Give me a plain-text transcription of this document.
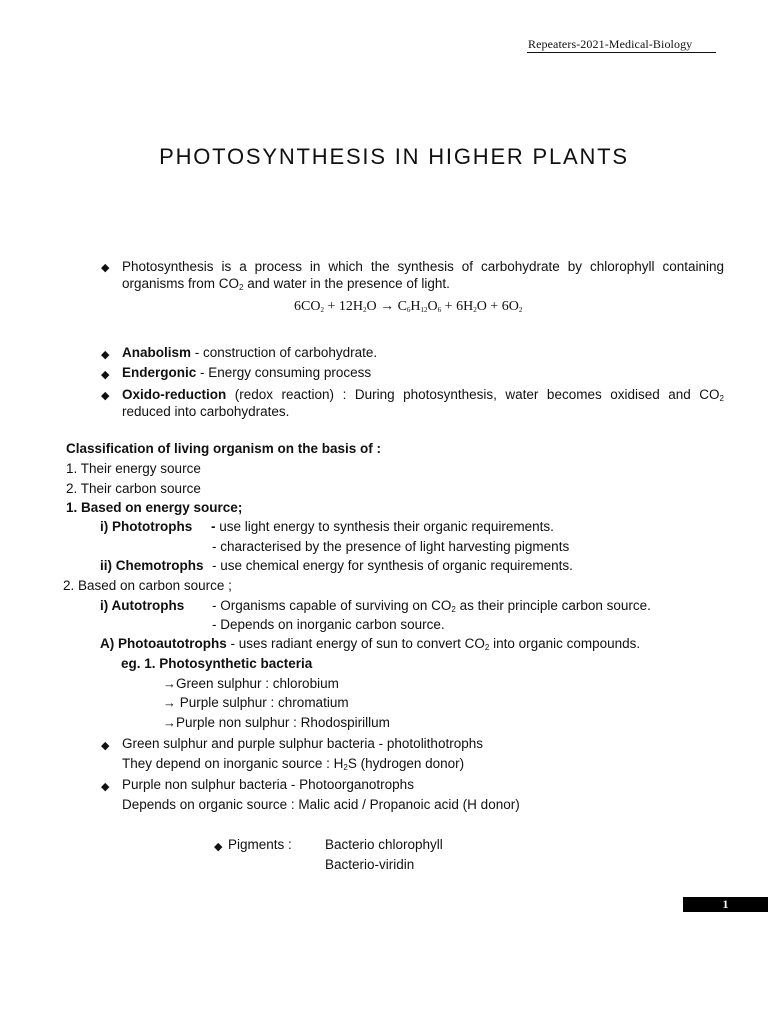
Repeaters-2021-Medical-Biology
PHOTOSYNTHESIS IN HIGHER PLANTS
◆ Photosynthesis is a process in which the synthesis of carbohydrate by chlorophyll containing organisms from $CO_2$ and water in the presence of light.
$6CO_2 + 12H_2O \to C_6H_{12}O_6 + 6H_2O + 6O_2$
◆ Anabolism - construction of carbohydrate.
◆ Endergonic - Energy consuming process
◆ Oxido-reduction (redox reaction) : During photosynthesis, water becomes oxidised and $CO_2$ reduced into carbohydrates.
Classification of living organism on the basis of :
1. Their energy source
2. Their carbon source
1. Based on energy source;
i) Phototrophs - use light energy to synthesis their organic requirements.
- characterised by the presence of light harvesting pigments
ii) Chemotrophs - use chemical energy for synthesis of organic requirements.
2. Based on carbon source ;
i) Autotrophs - Organisms capable of surviving on $CO_2$ as their principle carbon source.
- Depends on inorganic carbon source.
A) Photoautotrophs - uses radiant energy of sun to convert $CO_2$ into organic compounds.
eg. 1. Photosynthetic bacteria
→Green sulphur : chlorobium
→ Purple sulphur : chromatium
→Purple non sulphur : Rhodospirillum
◆ Green sulphur and purple sulphur bacteria - photolithotrophs
They depend on inorganic source : $H_2S$ (hydrogen donor)
◆ Purple non sulphur bacteria - Photoorganotrophs
Depends on organic source : Malic acid / Propanoic acid (H donor)
◆ Pigments : Bacterio chlorophyll
Bacterio-viridin
1
